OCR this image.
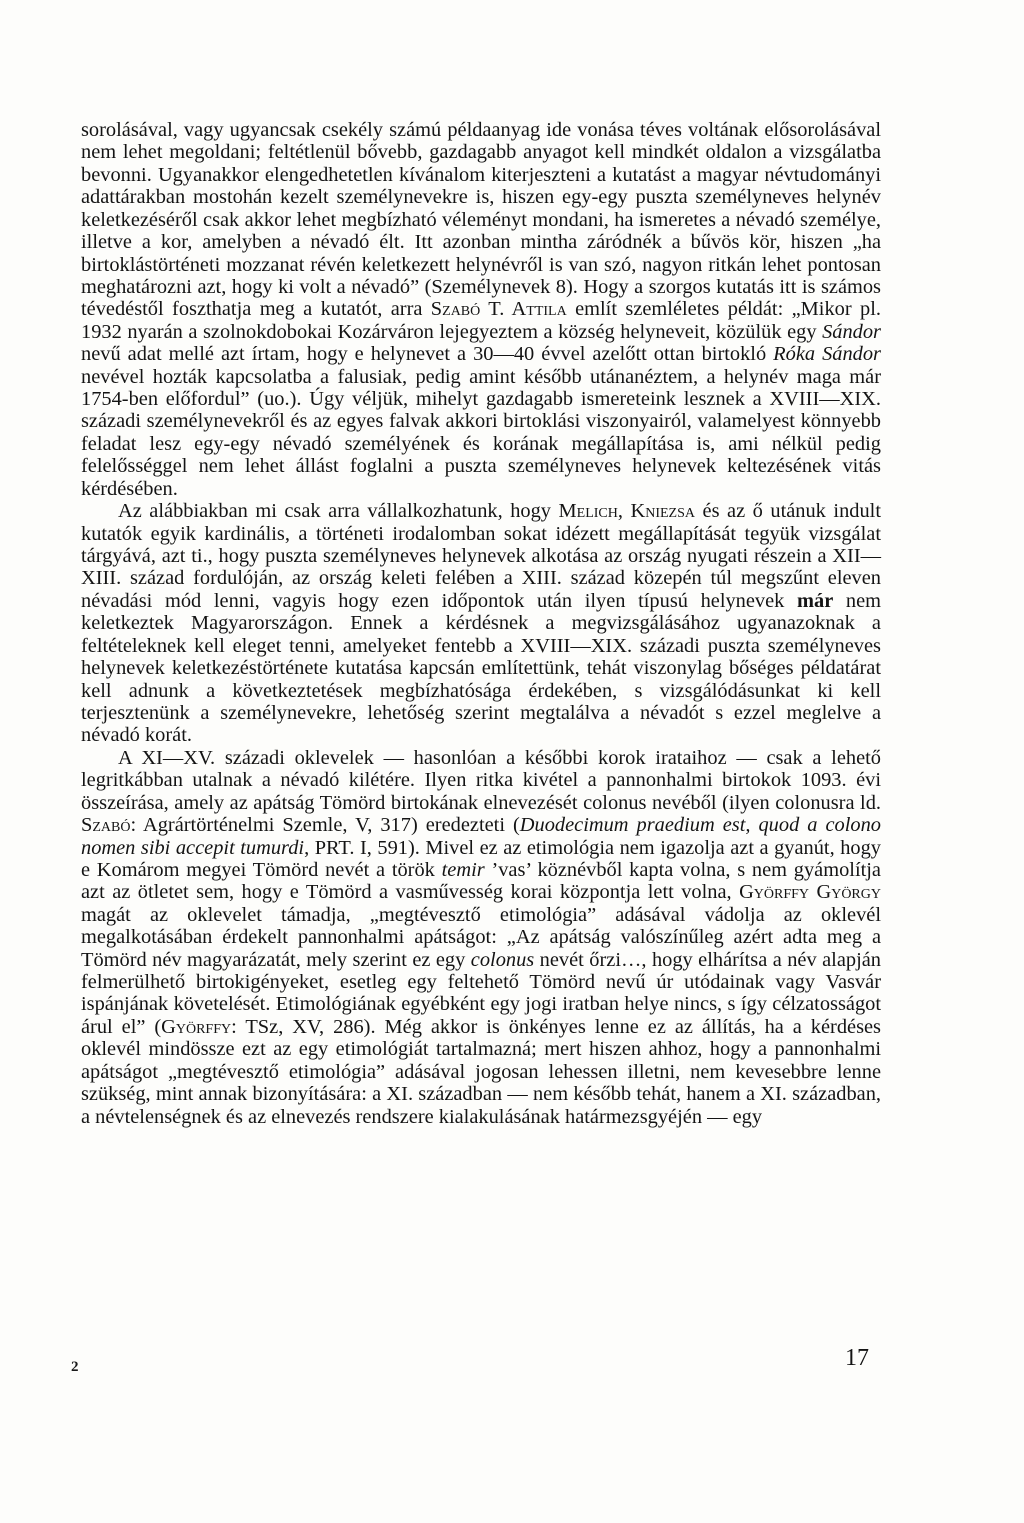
sorolásával, vagy ugyancsak csekély számú példaanyag ide vonása téves voltának elősorolásával nem lehet megoldani; feltétlenül bővebb, gazdagabb anyagot kell mindkét oldalon a vizsgálatba bevonni. Ugyanakkor elengedhetetlen kívánalom kiterjeszteni a kutatást a magyar névtudományi adattárakban mostohán kezelt személynevekre is, hiszen egy-egy puszta személyneves helynév keletkezéséről csak akkor lehet megbízható véleményt mondani, ha ismeretes a névadó személye, illetve a kor, amelyben a névadó élt. Itt azonban mintha záródnék a bűvös kör, hiszen „ha birtoklástörténeti mozzanat révén keletkezett helynévről is van szó, nagyon ritkán lehet pontosan meghatározni azt, hogy ki volt a névadó” (Személynevek 8). Hogy a szorgos kutatás itt is számos tévedéstől foszthatja meg a kutatót, arra Szabó T. Attila említ szemléletes példát: „Mikor pl. 1932 nyarán a szolnokdobokai Kozárváron lejegyeztem a község helyneveit, közülük egy Sándor nevű adat mellé azt írtam, hogy e helynevet a 30—40 évvel azelőtt ottan birtokló Róka Sándor nevével hozták kapcsolatba a falusiak, pedig amint később utánanéztem, a helynév maga már 1754-ben előfordul” (uo.). Úgy véljük, mihelyt gazdagabb ismereteink lesznek a XVIII—XIX. századi személynevekről és az egyes falvak akkori birtoklási viszonyairól, valamelyest könnyebb feladat lesz egy-egy névadó személyének és korának megállapítása is, ami nélkül pedig felelősséggel nem lehet állást foglalni a puszta személyneves helynevek keltezésének vitás kérdésében.

Az alábbiakban mi csak arra vállalkozhatunk, hogy Melich, Kniezsa és az ő utánuk indult kutatók egyik kardinális, a történeti irodalomban sokat idézett megállapítását tegyük vizsgálat tárgyává, azt ti., hogy puszta személyneves helynevek alkotása az ország nyugati részein a XII—XIII. század fordulóján, az ország keleti felében a XIII. század közepén túl megszűnt eleven névadási mód lenni, vagyis hogy ezen időpontok után ilyen típusú helynevek már nem keletkeztek Magyarországon. Ennek a kérdésnek a megvizsgálásához ugyanazoknak a feltételeknek kell eleget tenni, amelyeket fentebb a XVIII—XIX. századi puszta személyneves helynevek keletkezéstörténete kutatása kapcsán említettünk, tehát viszonylag bőséges példatárat kell adnunk a következtetések megbízhatósága érdekében, s vizsgálódásunkat ki kell terjesztenünk a személynevekre, lehetőség szerint megtalálva a névadót s ezzel meglelve a névadó korát.

A XI—XV. századi oklevelek — hasonlóan a későbbi korok irataihoz — csak a lehető legritkábban utalnak a névadó kilétére. Ilyen ritka kivétel a pannonhalmi birtokok 1093. évi összeírása, amely az apátság Tömörd birtokának elnevezését colonus nevéből (ilyen colonusra ld. Szabó: Agrártörténelmi Szemle, V, 317) eredezteti (Duodecimum praedium est, quod a colono nomen sibi accepit tumurdi, PRT. I, 591). Mivel ez az etimológia nem igazolja azt a gyanút, hogy e Komárom megyei Tömörd nevét a török temir ’vas’ köznévből kapta volna, s nem gyámolítja azt az ötletet sem, hogy e Tömörd a vasművesség korai központja lett volna, Györffy György magát az oklevelet támadja, „megtévesztő etimológia” adásával vádolja az oklevél megalkotásában érdekelt pannonhalmi apátságot: „Az apátság valószínűleg azért adta meg a Tömörd név magyarázatát, mely szerint ez egy colonus nevét őrzi…, hogy elhárítsa a név alapján felmerülhető birtokigényeket, esetleg egy feltehető Tömörd nevű úr utódainak vagy Vasvár ispánjának követelését. Etimológiának egyébként egy jogi iratban helye nincs, s így célzatosságot árul el” (Györffy: TSz, XV, 286). Még akkor is önkényes lenne ez az állítás, ha a kérdéses oklevél mindössze ezt az egy etimológiát tartalmazná; mert hiszen ahhoz, hogy a pannonhalmi apátságot „megtévesztő etimológia” adásával jogosan lehessen illetni, nem kevesebbre lenne szükség, mint annak bizonyítására: a XI. században — nem később tehát, hanem a XI. században, a névtelenségnek és az elnevezés rendszere kialakulásának határmezsgyéjén — egy

2	17
